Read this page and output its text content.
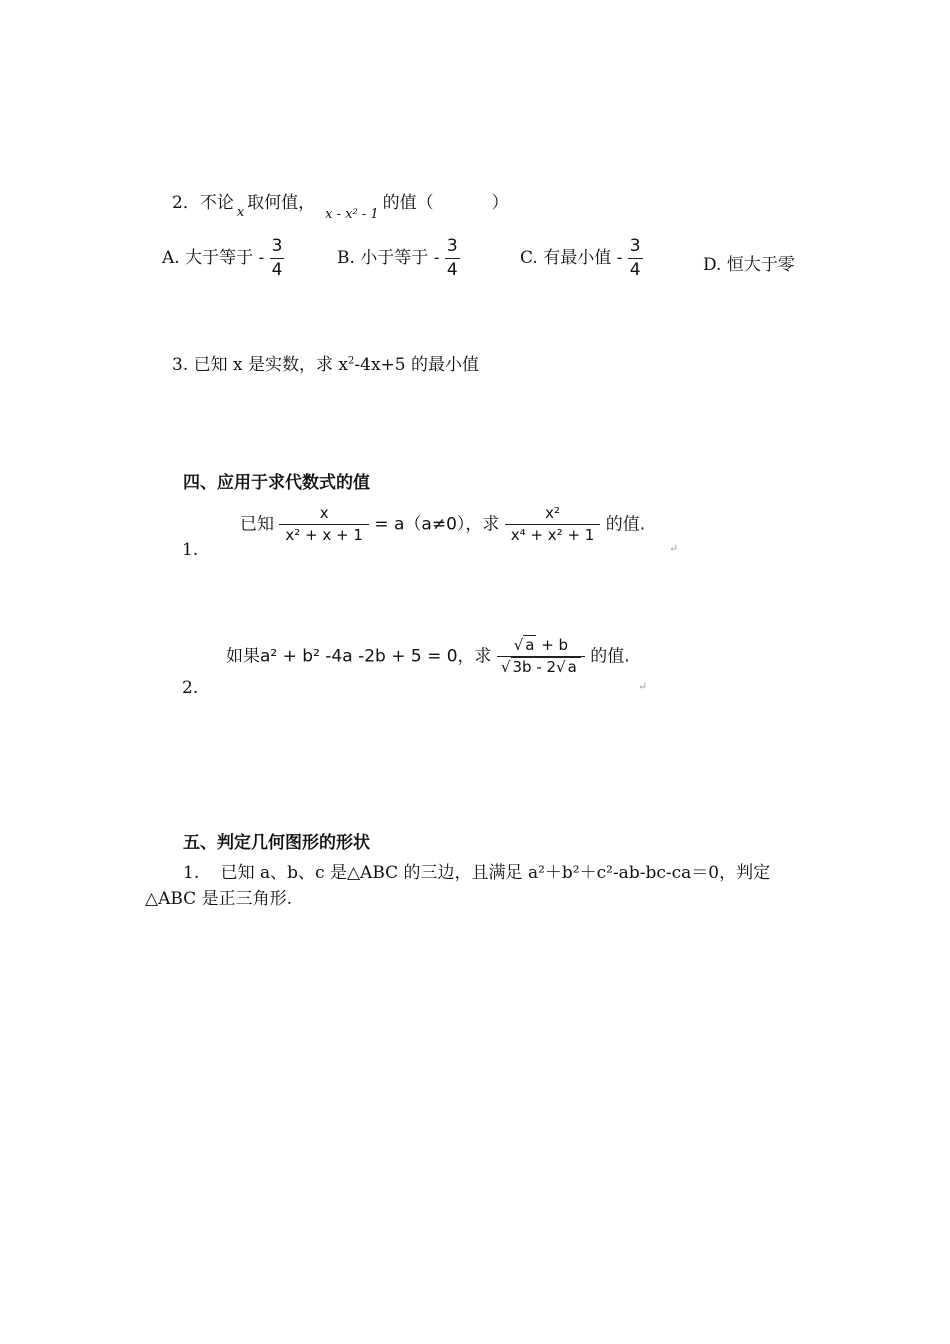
2．不论 $_x$ 取何值，$_{x - x^2 - 1}$的值（	）
A. 大于等于 - $\frac{3}{4}$	B. 小于等于 - $\frac{3}{4}$	C. 有最小值 - $\frac{3}{4}$	D. 恒大于零
3. 已知 x 是实数，求 $x^2-4x+5$ 的最小值
四、应用于求代数式的值
1.
已知 $\frac{x}{\text{x² + x + 1}} = a(a\ne 0)$，求 $\frac{\text{x²}}{\text{x⁴ + x² + 1}}$ 的值.
↵
2.
如果a² + b² -4a -2b + 5 = 0，求 $\frac{√ a + b}{√ 3b - 2√ a}$ 的值.
↵
五、判定几何图形的形状
1. 已知 a、b、c 是△ABC 的三边，且满足 a²＋b²＋c²-ab-bc-ca＝0，判定
△ABC 是正三角形.
